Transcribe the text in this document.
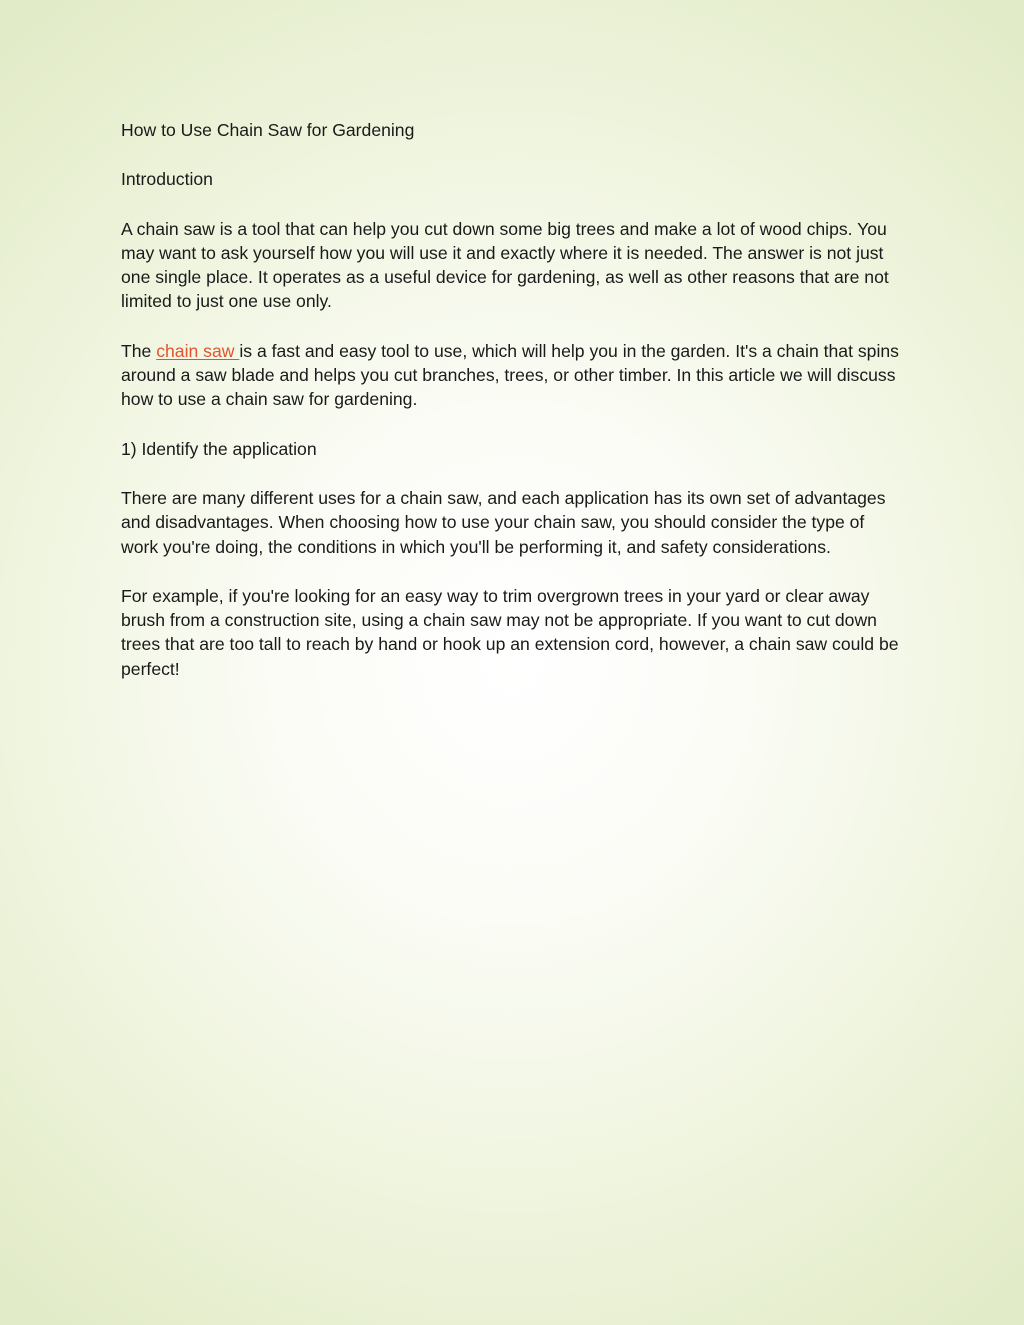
How to Use Chain Saw for Gardening

Introduction

A chain saw is a tool that can help you cut down some big trees and make a lot of wood chips. You may want to ask yourself how you will use it and exactly where it is needed. The answer is not just one single place. It operates as a useful device for gardening, as well as other reasons that are not limited to just one use only.

The chain saw is a fast and easy tool to use, which will help you in the garden. It's a chain that spins around a saw blade and helps you cut branches, trees, or other timber. In this article we will discuss how to use a chain saw for gardening.

1) Identify the application

There are many different uses for a chain saw, and each application has its own set of advantages and disadvantages. When choosing how to use your chain saw, you should consider the type of work you're doing, the conditions in which you'll be performing it, and safety considerations.

For example, if you're looking for an easy way to trim overgrown trees in your yard or clear away brush from a construction site, using a chain saw may not be appropriate. If you want to cut down trees that are too tall to reach by hand or hook up an extension cord, however, a chain saw could be perfect!
